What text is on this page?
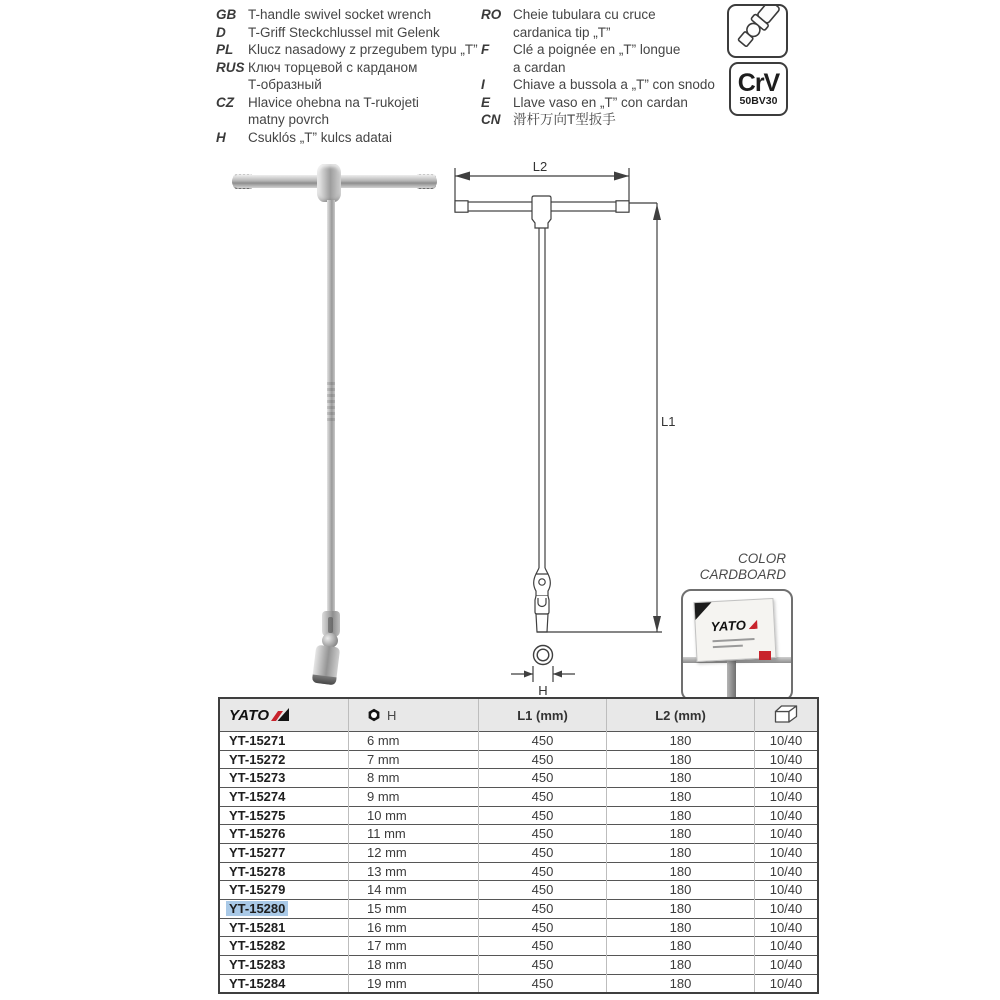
GB T-handle swivel socket wrench
D	T-Griff Steckchlussel mit Gelenk
PL	Klucz nasadowy z przegubem typu „T”
RUS Ключ торцевой с карданом
Т-образный
CZ	Hlavice ohebna na T-rukojeti
matny povrch
H	Csuklós „T” kulcs adatai
RO Cheie tubulara cu cruce
cardanica tip „T”
F	Clé a poignée en „T” longue
a cardan
I	Chiave a bussola a „T” con snodo
E	Llave vaso en „T” con cardan
CN 滑杆万向T型扳手
CrV
50BV30
L2
L1
H
COLOR
CARDBOARD
YATO
YATO	H	L1 (mm)	L2 (mm)	
YT-15271	6 mm	450	180	10/40
YT-15272	7 mm	450	180	10/40
YT-15273	8 mm	450	180	10/40
YT-15274	9 mm	450	180	10/40
YT-15275	10 mm	450	180	10/40
YT-15276	11 mm	450	180	10/40
YT-15277	12 mm	450	180	10/40
YT-15278	13 mm	450	180	10/40
YT-15279	14 mm	450	180	10/40
YT-15280	15 mm	450	180	10/40
YT-15281	16 mm	450	180	10/40
YT-15282	17 mm	450	180	10/40
YT-15283	18 mm	450	180	10/40
YT-15284	19 mm	450	180	10/40
